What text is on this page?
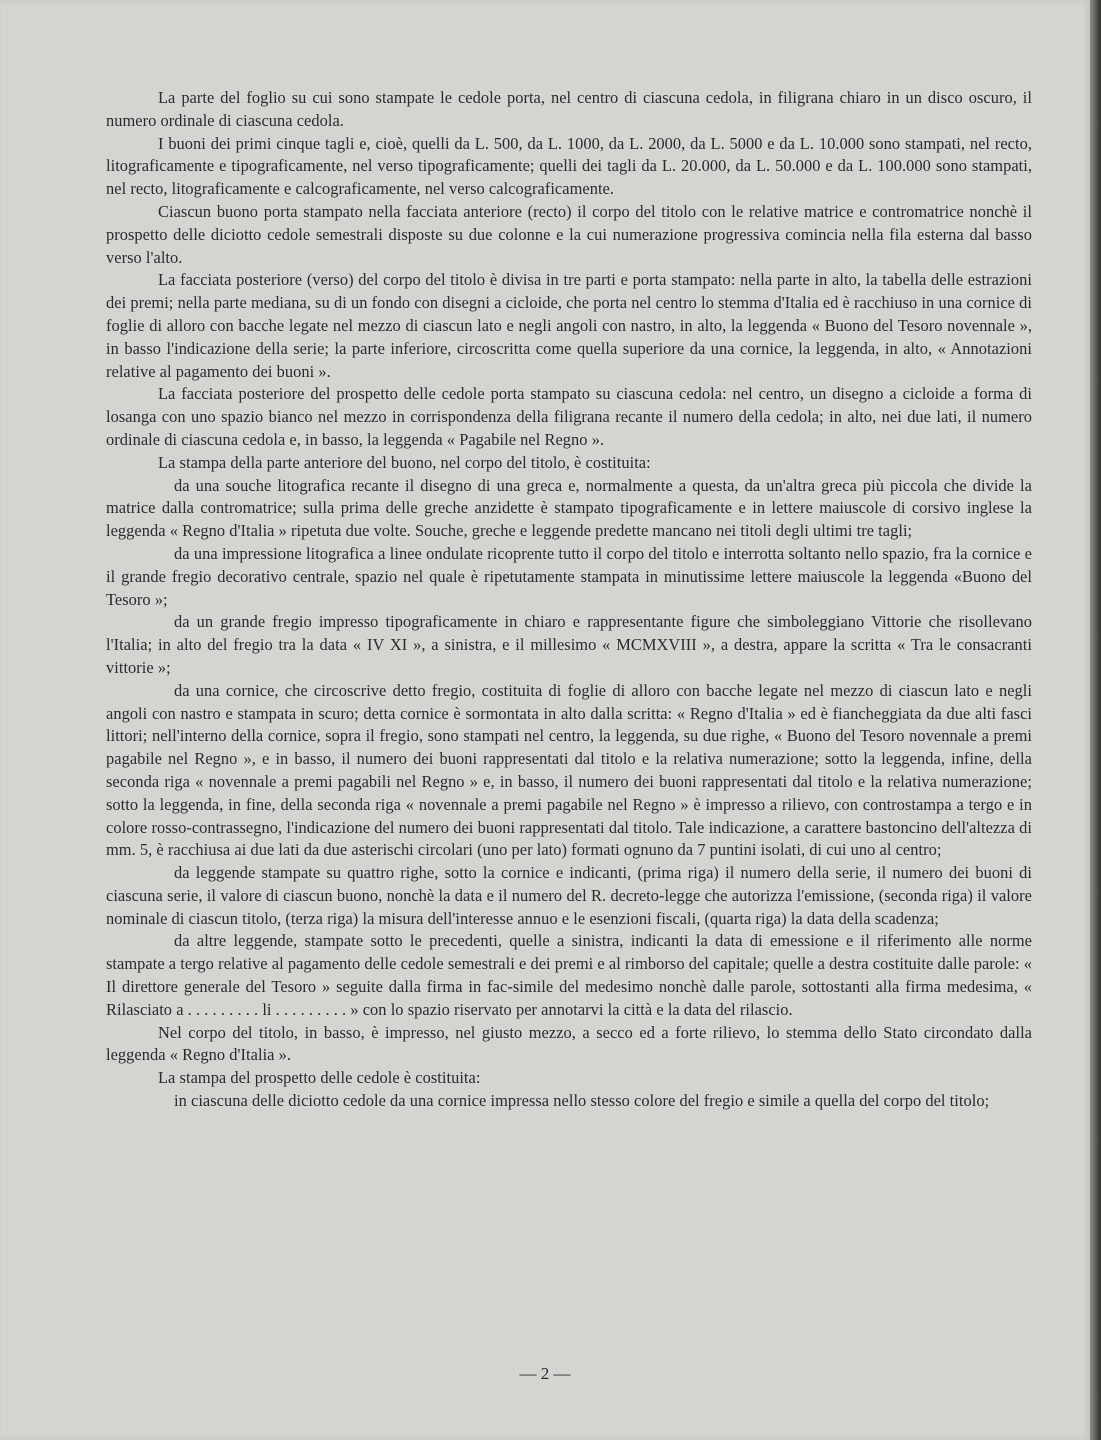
La parte del foglio su cui sono stampate le cedole porta, nel centro di ciascuna cedola, in filigrana chiaro in un disco oscuro, il numero ordinale di ciascuna cedola.

I buoni dei primi cinque tagli e, cioè, quelli da L. 500, da L. 1000, da L. 2000, da L. 5000 e da L. 10.000 sono stampati, nel recto, litograficamente e tipograficamente, nel verso tipograficamente; quelli dei tagli da L. 20.000, da L. 50.000 e da L. 100.000 sono stampati, nel recto, litograficamente e calcograficamente, nel verso calcograficamente.

Ciascun buono porta stampato nella facciata anteriore (recto) il corpo del titolo con le relative matrice e contromatrice nonchè il prospetto delle diciotto cedole semestrali disposte su due colonne e la cui numerazione progressiva comincia nella fila esterna dal basso verso l'alto.

La facciata posteriore (verso) del corpo del titolo è divisa in tre parti e porta stampato: nella parte in alto, la tabella delle estrazioni dei premi; nella parte mediana, su di un fondo con disegni a cicloide, che porta nel centro lo stemma d'Italia ed è racchiuso in una cornice di foglie di alloro con bacche legate nel mezzo di ciascun lato e negli angoli con nastro, in alto, la leggenda « Buono del Tesoro novennale », in basso l'indicazione della serie; la parte inferiore, circoscritta come quella superiore da una cornice, la leggenda, in alto, « Annotazioni relative al pagamento dei buoni ».

La facciata posteriore del prospetto delle cedole porta stampato su ciascuna cedola: nel centro, un disegno a cicloide a forma di losanga con uno spazio bianco nel mezzo in corrispondenza della filigrana recante il numero della cedola; in alto, nei due lati, il numero ordinale di ciascuna cedola e, in basso, la leggenda « Pagabile nel Regno ».

La stampa della parte anteriore del buono, nel corpo del titolo, è costituita:

da una souche litografica recante il disegno di una greca e, normalmente a questa, da un'altra greca più piccola che divide la matrice dalla contromatrice; sulla prima delle greche anzidette è stampato tipograficamente e in lettere maiuscole di corsivo inglese la leggenda « Regno d'Italia » ripetuta due volte. Souche, greche e leggende predette mancano nei titoli degli ultimi tre tagli;

da una impressione litografica a linee ondulate ricoprente tutto il corpo del titolo e interrotta soltanto nello spazio, fra la cornice e il grande fregio decorativo centrale, spazio nel quale è ripetutamente stampata in minutissime lettere maiuscole la leggenda «Buono del Tesoro »;

da un grande fregio impresso tipograficamente in chiaro e rappresentante figure che simboleggiano Vittorie che risollevano l'Italia; in alto del fregio tra la data « IV XI », a sinistra, e il millesimo « MCMXVIII », a destra, appare la scritta « Tra le consacranti vittorie »;

da una cornice, che circoscrive detto fregio, costituita di foglie di alloro con bacche legate nel mezzo di ciascun lato e negli angoli con nastro e stampata in scuro; detta cornice è sormontata in alto dalla scritta: « Regno d'Italia » ed è fiancheggiata da due alti fasci littori; nell'interno della cornice, sopra il fregio, sono stampati nel centro, la leggenda, su due righe, « Buono del Tesoro novennale a premi pagabile nel Regno », e in basso, il numero dei buoni rappresentati dal titolo e la relativa numerazione; sotto la leggenda, infine, della seconda riga « novennale a premi pagabili nel Regno » e, in basso, il numero dei buoni rappresentati dal titolo e la relativa numerazione; sotto la leggenda, in fine, della seconda riga « novennale a premi pagabile nel Regno » è impresso a rilievo, con controstampa a tergo e in colore rosso-contrassegno, l'indicazione del numero dei buoni rappresentati dal titolo. Tale indicazione, a carattere bastoncino dell'altezza di mm. 5, è racchiusa ai due lati da due asterischi circolari (uno per lato) formati ognuno da 7 puntini isolati, di cui uno al centro;

da leggende stampate su quattro righe, sotto la cornice e indicanti, (prima riga) il numero della serie, il numero dei buoni di ciascuna serie, il valore di ciascun buono, nonchè la data e il numero del R. decreto-legge che autorizza l'emissione, (seconda riga) il valore nominale di ciascun titolo, (terza riga) la misura dell'interesse annuo e le esenzioni fiscali, (quarta riga) la data della scadenza;

da altre leggende, stampate sotto le precedenti, quelle a sinistra, indicanti la data di emessione e il riferimento alle norme stampate a tergo relative al pagamento delle cedole semestrali e dei premi e al rimborso del capitale; quelle a destra costituite dalle parole: « Il direttore generale del Tesoro » seguite dalla firma in fac-simile del medesimo nonchè dalle parole, sottostanti alla firma medesima, « Rilasciato a . . . . . . . . . li . . . . . . . . . » con lo spazio riservato per annotarvi la città e la data del rilascio.

Nel corpo del titolo, in basso, è impresso, nel giusto mezzo, a secco ed a forte rilievo, lo stemma dello Stato circondato dalla leggenda « Regno d'Italia ».

La stampa del prospetto delle cedole è costituita:

in ciascuna delle diciotto cedole da una cornice impressa nello stesso colore del fregio e simile a quella del corpo del titolo;

— 2 —
